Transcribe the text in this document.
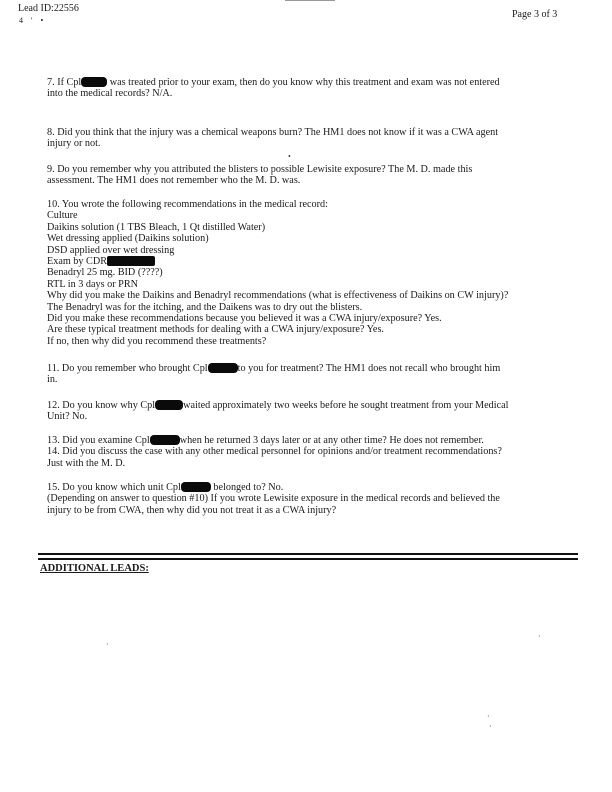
Lead ID:22556
Page 3 of 3
4 ' •

7. If Cpl	was treated prior to your exam, then do you know why this treatment and exam was not entered

into the medical records? N/A.

8. Did you think that the injury was a chemical weapons burn? The HM1 does not know if it was a CWA agent

injury or not.

9. Do you remember why you attributed the blisters to possible Lewisite exposure? The M. D. made this

assessment. The HM1 does not remember who the M. D. was.

•

10. You wrote the following recommendations in the medical record:

Culture

Daikins solution (1 TBS Bleach, 1 Qt distilled Water)

Wet dressing applied (Daikins solution)

DSD applied over wet dressing

Exam by CDR

Benadryl 25 mg. BID (????)

RTL in 3 days or PRN

Why did you make the Daikins and Benadryl recommendations (what is effectiveness of Daikins on CW injury)?

The Benadryl was for the itching, and the Daikens was to dry out the blisters.

Did you make these recommendations because you believed it was a CWA injury/exposure? Yes.

Are these typical treatment methods for dealing with a CWA injury/exposure? Yes.

If no, then why did you recommend these treatments?

11. Do you remember who brought Cpl	to you for treatment? The HM1 does not recall who brought him

in.

12. Do you know why Cpl	waited approximately two weeks before he sought treatment from your Medical

Unit? No.

13. Did you examine Cpl	when he returned 3 days later or at any other time? He does not remember.

14. Did you discuss the case with any other medical personnel for opinions and/or treatment recommendations?

Just with the M. D.

15. Do you know which unit Cpl	belonged to? No.

(Depending on answer to question #10) If you wrote Lewisite exposure in the medical records and believed the

injury to be from CWA, then why did you not treat it as a CWA injury?

ADDITIONAL LEADS:
·
·
·
·
